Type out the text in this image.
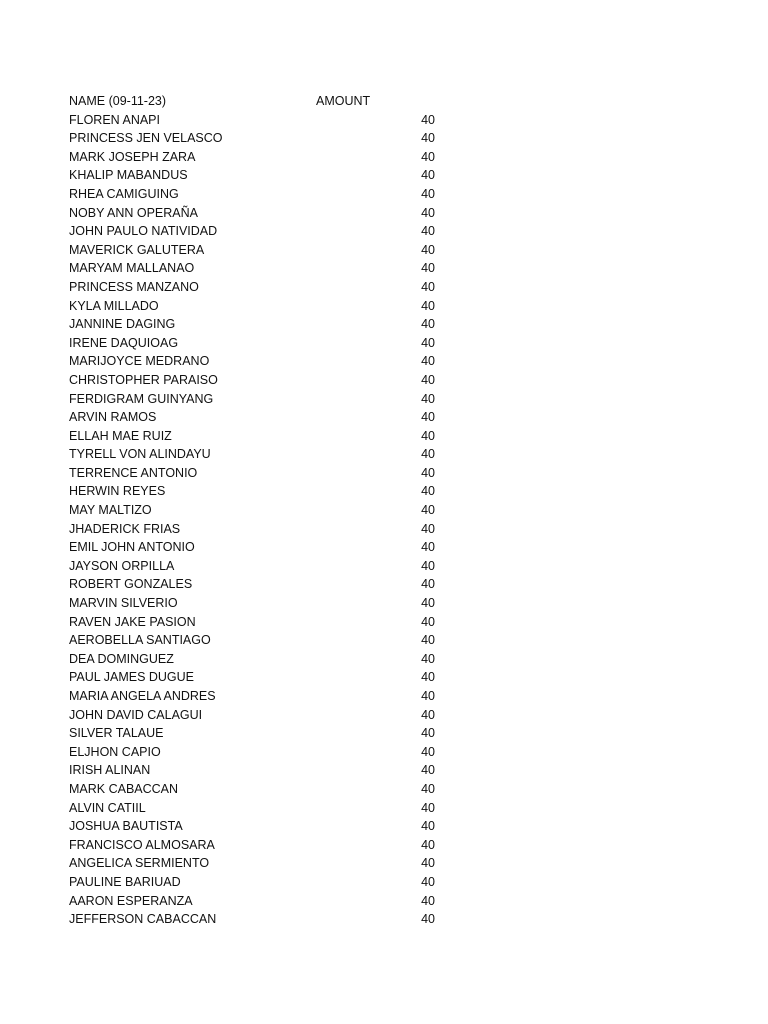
NAME (09-11-23)	AMOUNT
FLOREN ANAPI	40
PRINCESS JEN VELASCO	40
MARK JOSEPH ZARA	40
KHALIP MABANDUS	40
RHEA CAMIGUING	40
NOBY ANN OPERAÑA	40
JOHN PAULO NATIVIDAD	40
MAVERICK GALUTERA	40
MARYAM MALLANAO	40
PRINCESS MANZANO	40
KYLA MILLADO	40
JANNINE DAGING	40
IRENE DAQUIOAG	40
MARIJOYCE MEDRANO	40
CHRISTOPHER PARAISO	40
FERDIGRAM GUINYANG	40
ARVIN RAMOS	40
ELLAH MAE RUIZ	40
TYRELL VON ALINDAYU	40
TERRENCE ANTONIO	40
HERWIN REYES	40
MAY MALTIZO	40
JHADERICK FRIAS	40
EMIL JOHN ANTONIO	40
JAYSON ORPILLA	40
ROBERT GONZALES	40
MARVIN SILVERIO	40
RAVEN JAKE PASION	40
AEROBELLA SANTIAGO	40
DEA DOMINGUEZ	40
PAUL JAMES DUGUE	40
MARIA ANGELA ANDRES	40
JOHN DAVID CALAGUI	40
SILVER TALAUE	40
ELJHON CAPIO	40
IRISH ALINAN	40
MARK CABACCAN	40
ALVIN CATIIL	40
JOSHUA BAUTISTA	40
FRANCISCO ALMOSARA	40
ANGELICA SERMIENTO	40
PAULINE BARIUAD	40
AARON ESPERANZA	40
JEFFERSON CABACCAN	40
